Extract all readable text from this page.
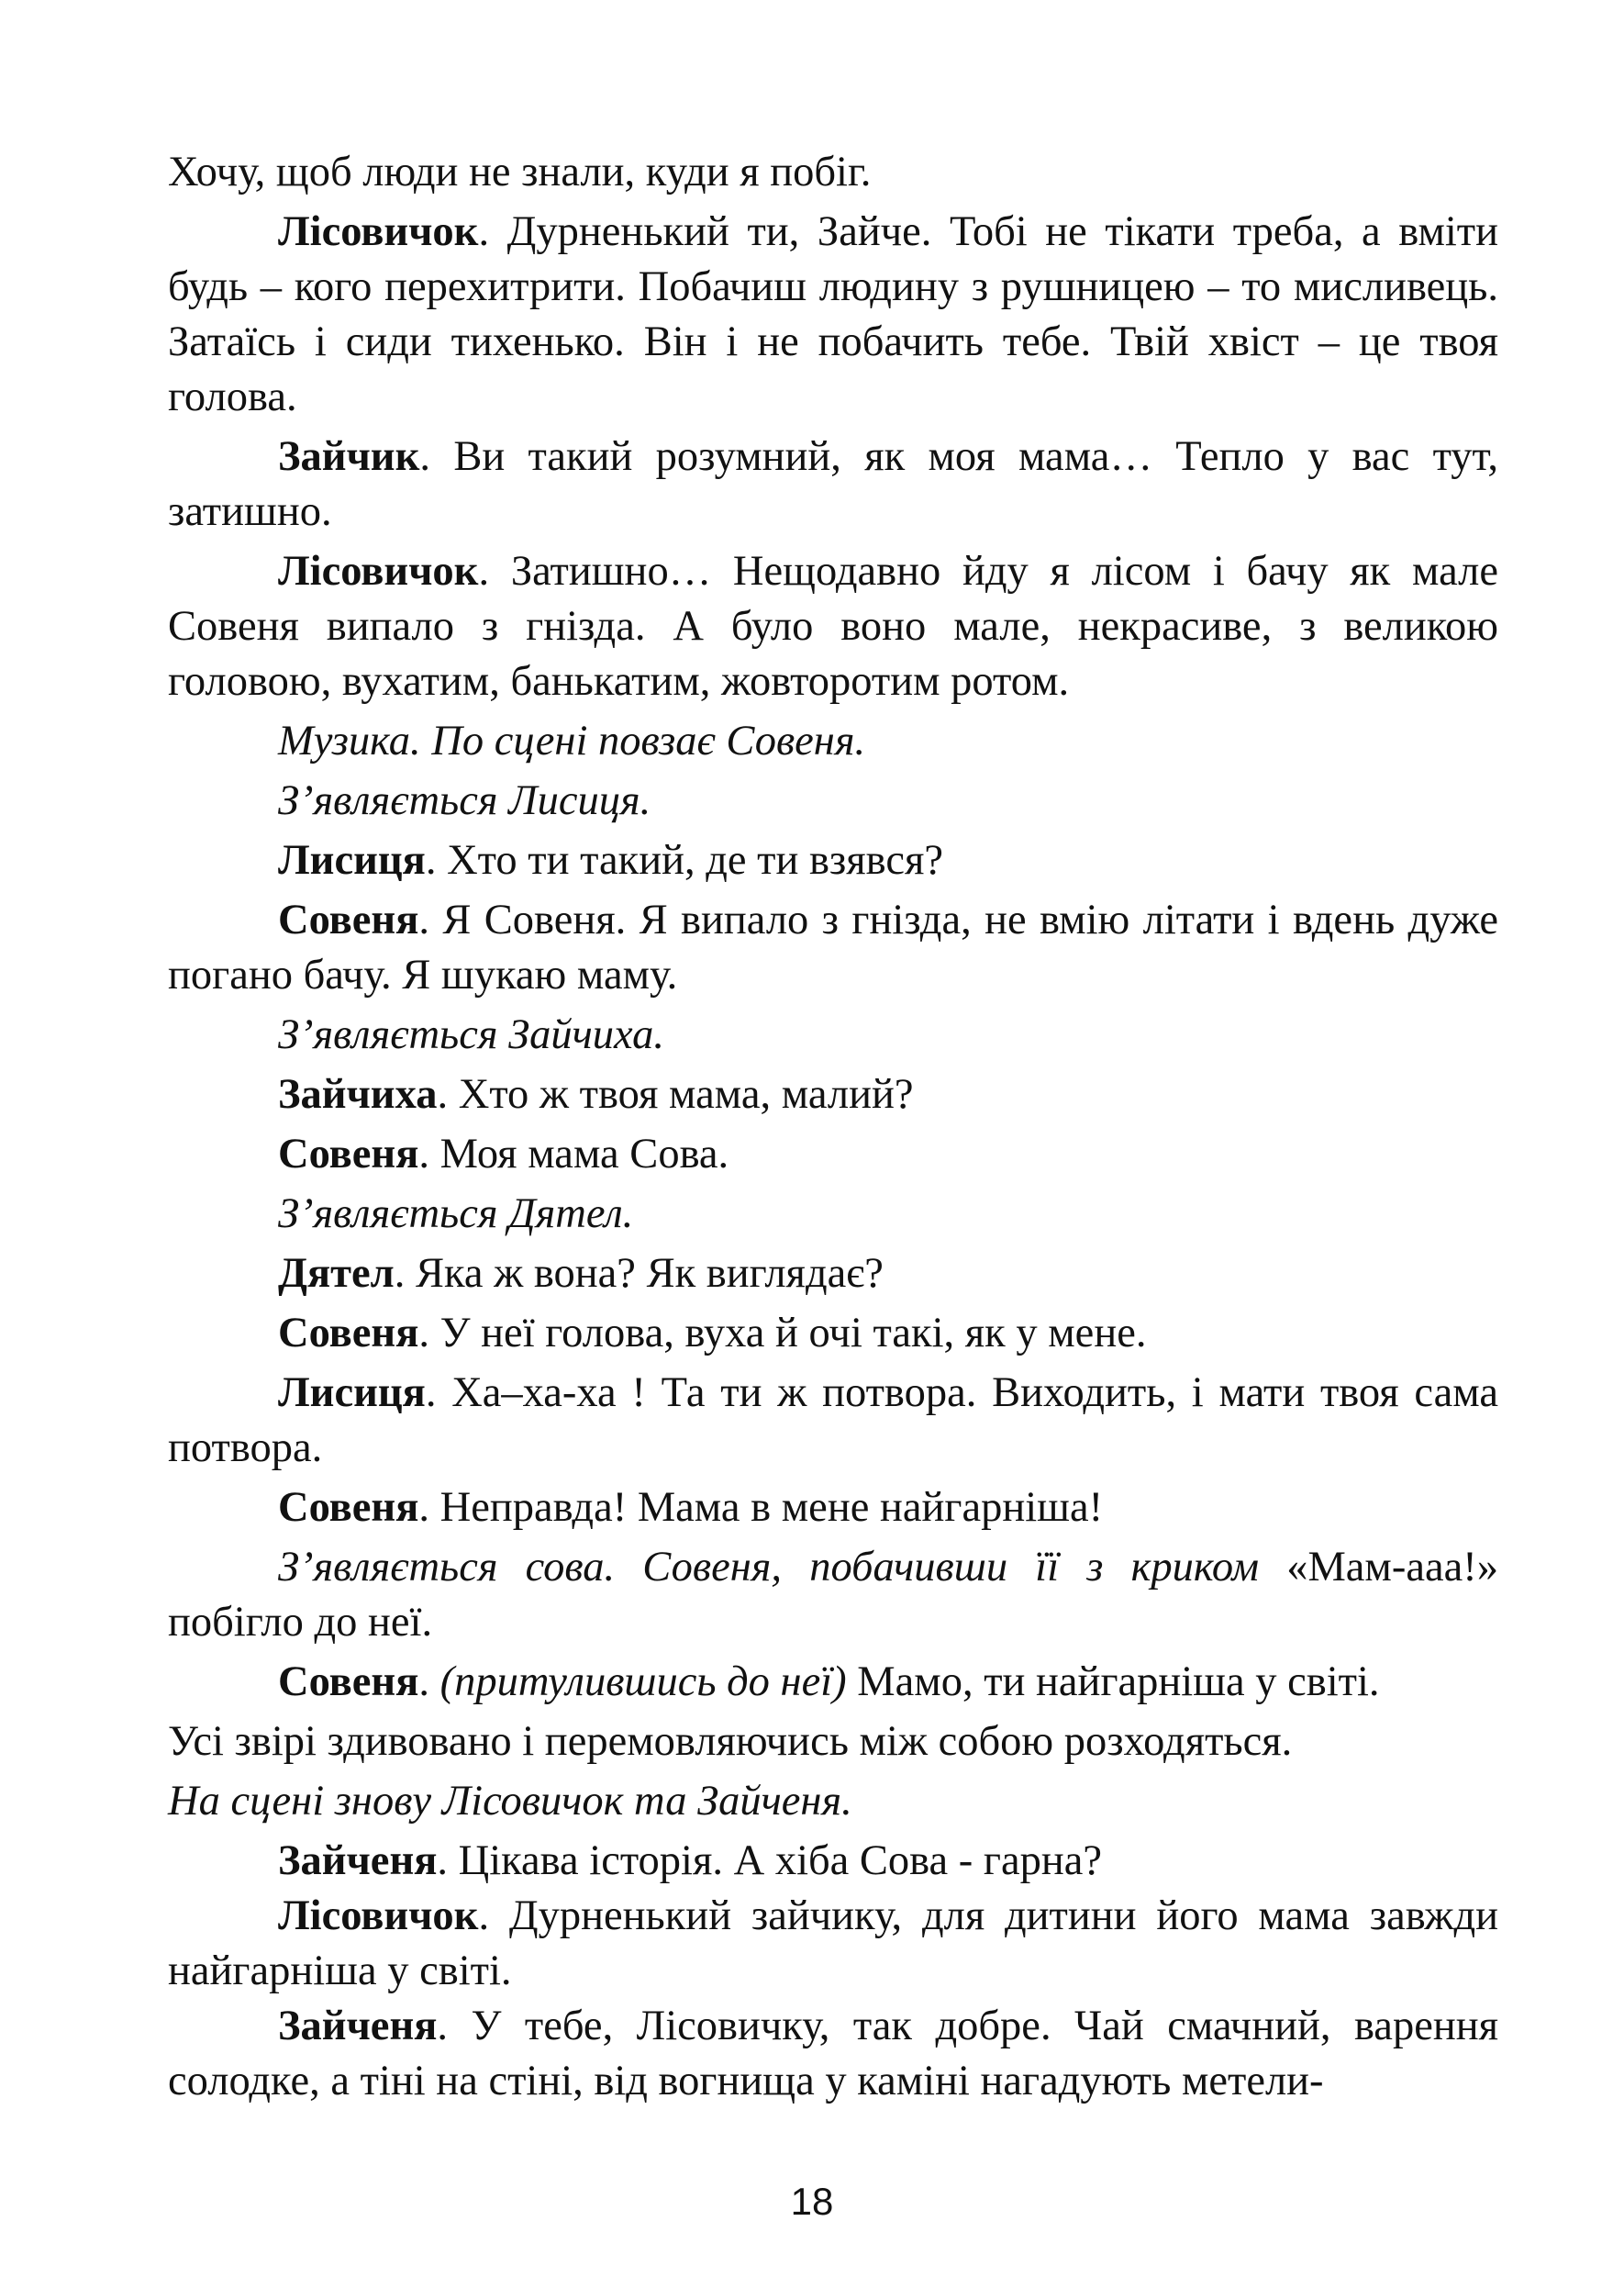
Хочу, щоб люди не знали, куди я побіг.

Лісовичок. Дурненький ти, Зайче. Тобі не тікати треба, а вміти будь – кого перехитрити. Побачиш людину з рушницею – то мисливець. Затаїсь і сиди тихенько. Він і не побачить тебе. Твій хвіст – це твоя голова.

Зайчик. Ви такий розумний, як моя мама… Тепло у вас тут, затишно.

Лісовичок. Затишно… Нещодавно йду я лісом і бачу як мале Совеня випало з гнізда. А було воно мале, некрасиве, з великою головою, вухатим, банькатим, жовторотим ротом.

Музика. По сцені повзає Совеня.

З’являється Лисиця.

Лисиця. Хто ти такий, де ти взявся?

Совеня. Я Совеня. Я випало з гнізда, не вмію літати і вдень дуже погано бачу. Я шукаю маму.

З’являється Зайчиха.

Зайчиха. Хто ж твоя мама, малий?

Совеня. Моя мама Сова.

З’являється Дятел.

Дятел. Яка ж вона? Як виглядає?

Совеня. У неї голова, вуха й очі такі, як у мене.

Лисиця. Ха–ха-ха ! Та ти ж потвора. Виходить, і мати твоя сама потвора.

Совеня. Неправда! Мама в мене найгарніша!

З’являється сова. Совеня, побачивши її з криком «Мам-ааа!» побігло до неї.

Совеня. (притулившись до неї) Мамо, ти найгарніша у світі.

Усі звірі здивовано і перемовляючись між собою розходяться.

На сцені знову Лісовичок та Зайченя.

Зайченя. Цікава історія. А хіба Сова - гарна?

Лісовичок. Дурненький зайчику, для дитини його мама завжди найгарніша у світі.

Зайченя. У тебе, Лісовичку, так добре. Чай смачний, варення солодке, а тіні на стіні, від вогнища у каміні нагадують метели-

18
